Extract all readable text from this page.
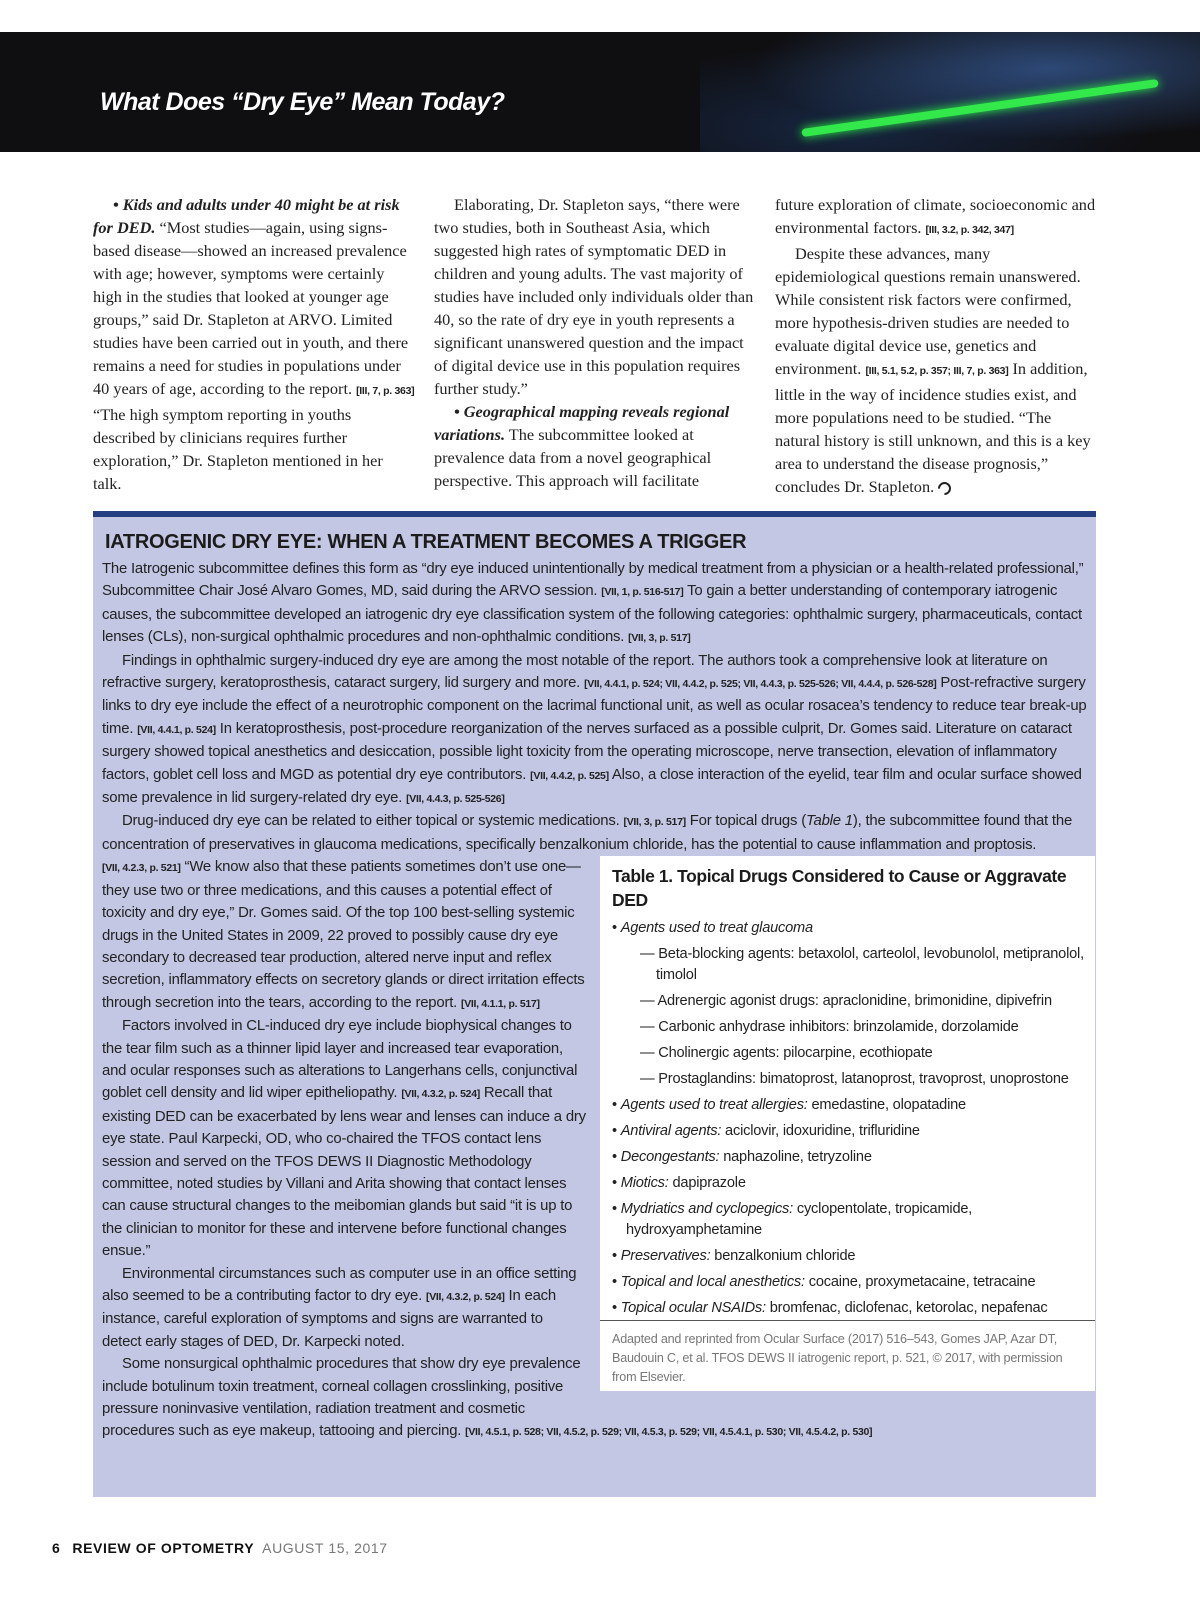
What Does “Dry Eye” Mean Today?

• Kids and adults under 40 might be at risk for DED. “Most studies—again, using signs-based disease—showed an increased prevalence with age; however, symptoms were certainly high in the studies that looked at younger age groups,” said Dr. Stapleton at ARVO. Limited studies have been carried out in youth, and there remains a need for studies in populations under 40 years of age, according to the report. [III, 7, p. 363] “The high symptom reporting in youths described by clinicians requires further exploration,” Dr. Stapleton mentioned in her talk.

Elaborating, Dr. Stapleton says, “there were two studies, both in Southeast Asia, which suggested high rates of symptomatic DED in children and young adults. The vast majority of studies have included only individuals older than 40, so the rate of dry eye in youth represents a significant unanswered question and the impact of digital device use in this population requires further study.”

• Geographical mapping reveals regional variations. The subcommittee looked at prevalence data from a novel geographical perspective. This approach will facilitate

future exploration of climate, socioeconomic and environmental factors. [III, 3.2, p. 342, 347]

Despite these advances, many epidemiological questions remain unanswered. While consistent risk factors were confirmed, more hypothesis-driven studies are needed to evaluate digital device use, genetics and environment. [III, 5.1, 5.2, p. 357; III, 7, p. 363] In addition, little in the way of incidence studies exist, and more populations need to be studied. “The natural history is still unknown, and this is a key area to understand the disease prognosis,” concludes Dr. Stapleton.

IATROGENIC DRY EYE: WHEN A TREATMENT BECOMES A TRIGGER

The Iatrogenic subcommittee defines this form as “dry eye induced unintentionally by medical treatment from a physician or a health-related professional,” Subcommittee Chair José Alvaro Gomes, MD, said during the ARVO session. [VII, 1, p. 516-517] To gain a better understanding of contemporary iatrogenic causes, the subcommittee developed an iatrogenic dry eye classification system of the following categories: ophthalmic surgery, pharmaceuticals, contact lenses (CLs), non-surgical ophthalmic procedures and non-ophthalmic conditions. [VII, 3, p. 517]

Findings in ophthalmic surgery-induced dry eye are among the most notable of the report. The authors took a comprehensive look at literature on refractive surgery, keratoprosthesis, cataract surgery, lid surgery and more. [VII, 4.4.1, p. 524; VII, 4.4.2, p. 525; VII, 4.4.3, p. 525-526; VII, 4.4.4, p. 526-528] Post-refractive surgery links to dry eye include the effect of a neurotrophic component on the lacrimal functional unit, as well as ocular rosacea’s tendency to reduce tear break-up time. [VII, 4.4.1, p. 524] In keratoprosthesis, post-procedure reorganization of the nerves surfaced as a possible culprit, Dr. Gomes said. Literature on cataract surgery showed topical anesthetics and desiccation, possible light toxicity from the operating microscope, nerve transection, elevation of inflammatory factors, goblet cell loss and MGD as potential dry eye contributors. [VII, 4.4.2, p. 525] Also, a close interaction of the eyelid, tear film and ocular surface showed some prevalence in lid surgery-related dry eye. [VII, 4.4.3, p. 525-526]

Drug-induced dry eye can be related to either topical or systemic medications. [VII, 3, p. 517] For topical drugs (Table 1), the subcommittee found that the concentration of preservatives in glaucoma medications, specifically benzalkonium chloride, has the potential to cause inflammation and proptosis.

Table 1. Topical Drugs Considered to Cause or Aggravate DED
• Agents used to treat glaucoma
— Beta-blocking agents: betaxolol, carteolol, levobunolol, metipranolol, timolol
— Adrenergic agonist drugs: apraclonidine, brimonidine, dipivefrin
— Carbonic anhydrase inhibitors: brinzolamide, dorzolamide
— Cholinergic agents: pilocarpine, ecothiopate
— Prostaglandins: bimatoprost, latanoprost, travoprost, unoprostone
• Agents used to treat allergies: emedastine, olopatadine
• Antiviral agents: aciclovir, idoxuridine, trifluridine
• Decongestants: naphazoline, tetryzoline
• Miotics: dapiprazole
• Mydriatics and cyclopegics: cyclopentolate, tropicamide, hydroxyamphetamine
• Preservatives: benzalkonium chloride
• Topical and local anesthetics: cocaine, proxymetacaine, tetracaine
• Topical ocular NSAIDs: bromfenac, diclofenac, ketorolac, nepafenac
Adapted and reprinted from Ocular Surface (2017) 516–543, Gomes JAP, Azar DT, Baudouin C, et al. TFOS DEWS II iatrogenic report, p. 521, © 2017, with permission from Elsevier.

[VII, 4.2.3, p. 521] “We know also that these patients sometimes don’t use one—they use two or three medications, and this causes a potential effect of toxicity and dry eye,” Dr. Gomes said. Of the top 100 best-selling systemic drugs in the United States in 2009, 22 proved to possibly cause dry eye secondary to decreased tear production, altered nerve input and reflex secretion, inflammatory effects on secretory glands or direct irritation effects through secretion into the tears, according to the report. [VII, 4.1.1, p. 517]

Factors involved in CL-induced dry eye include biophysical changes to the tear film such as a thinner lipid layer and increased tear evaporation, and ocular responses such as alterations to Langerhans cells, conjunctival goblet cell density and lid wiper epitheliopathy. [VII, 4.3.2, p. 524] Recall that existing DED can be exacerbated by lens wear and lenses can induce a dry eye state. Paul Karpecki, OD, who co-chaired the TFOS contact lens session and served on the TFOS DEWS II Diagnostic Methodology committee, noted studies by Villani and Arita showing that contact lenses can cause structural changes to the meibomian glands but said “it is up to the clinician to monitor for these and intervene before functional changes ensue.”

Environmental circumstances such as computer use in an office setting also seemed to be a contributing factor to dry eye. [VII, 4.3.2, p. 524] In each instance, careful exploration of symptoms and signs are warranted to detect early stages of DED, Dr. Karpecki noted.

Some nonsurgical ophthalmic procedures that show dry eye prevalence include botulinum toxin treatment, corneal collagen crosslinking, positive pressure noninvasive ventilation, radiation treatment and cosmetic procedures such as eye makeup, tattooing and piercing. [VII, 4.5.1, p. 528; VII, 4.5.2, p. 529; VII, 4.5.3, p. 529; VII, 4.5.4.1, p. 530; VII, 4.5.4.2, p. 530]

6 REVIEW OF OPTOMETRY AUGUST 15, 2017
